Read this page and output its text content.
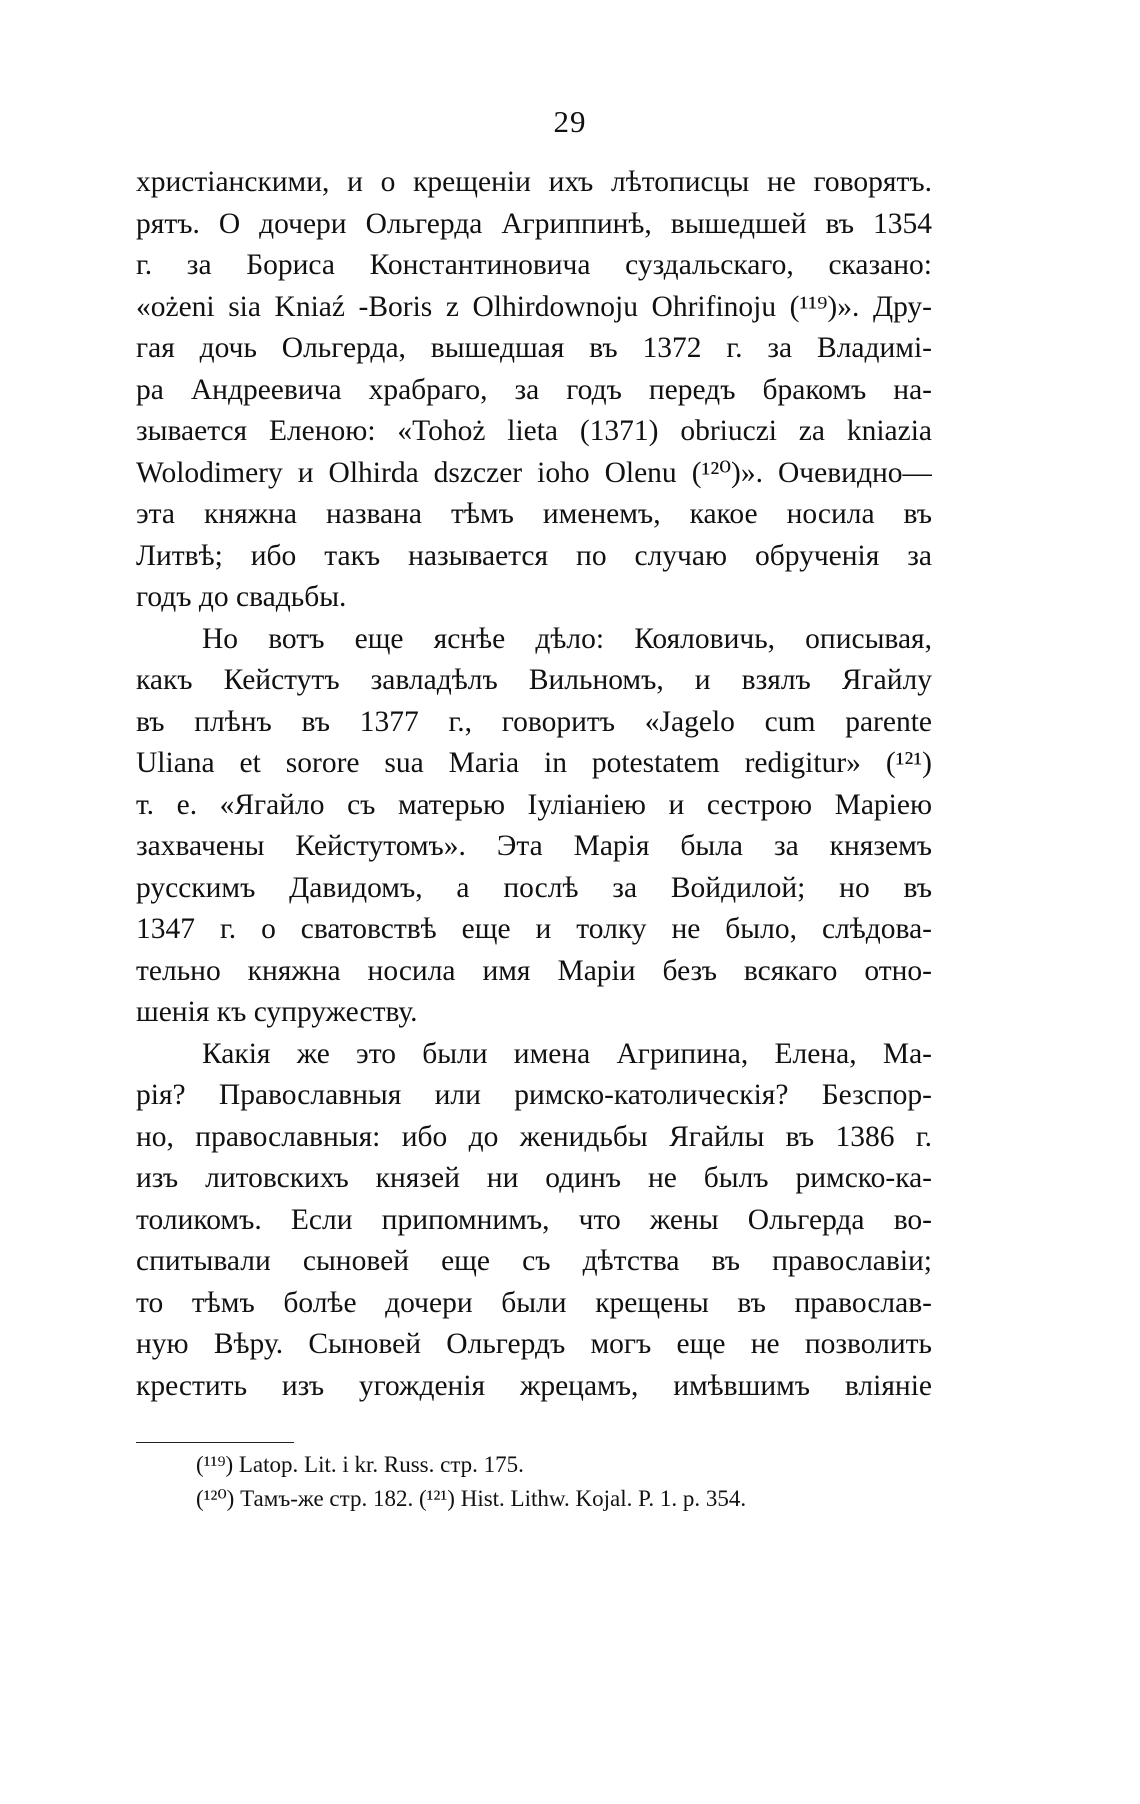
29
христіанскими, и о крещеніи ихъ лѣтописцы не говорятъ.
рятъ. О дочери Ольгерда Агриппинѣ, вышедшей въ 1354
г. за Бориса Константиновича суздальскаго, сказано:
«ożeni sia Kniaź -Boris z Olhirdownoju Ohrifinoju (¹¹⁹)». Дру-
гая дочь Ольгерда, вышедшая въ 1372 г. за Владимі-
ра Андреевича храбраго, за годъ передъ бракомъ на-
зывается Еленою: «Tohoż lieta (1371) obriuczi za kniazia
Wolodimery и Olhirda dszczer ioho Olenu (¹²⁰)». Очевидно—
эта княжна названа тѣмъ именемъ, какое носила въ
Литвѣ; ибо такъ называется по случаю обрученія за
годъ до свадьбы.
Но вотъ еще яснѣе дѣло: Кояловичь, описывая,
какъ Кейстутъ завладѣлъ Вильномъ, и взялъ Ягайлу
въ плѣнъ въ 1377 г., говоритъ «Jagelo cum parente
Uliana et sorore sua Maria in potestatem redigitur» (¹²¹)
т. е. «Ягайло съ матерью Іуліаніею и сестрою Маріею
захвачены Кейстутомъ». Эта Марія была за княземъ
русскимъ Давидомъ, а послѣ за Войдилой; но въ
1347 г. о сватовствѣ еще и толку не было, слѣдова-
тельно княжна носила имя Маріи безъ всякаго отно-
шенія къ супружеству.
Какія же это были имена Агрипина, Елена, Ма-
рія? Православныя или римско-католическія? Безспор-
но, православныя: ибо до женидьбы Ягайлы въ 1386 г.
изъ литовскихъ князей ни одинъ не былъ римско-ка-
толикомъ. Если припомнимъ, что жены Ольгерда во-
спитывали сыновей еще съ дѣтства въ православіи;
то тѣмъ болѣе дочери были крещены въ православ-
ную Вѣру. Сыновей Ольгердъ могъ еще не позволить
крестить изъ угожденія жрецамъ, имѣвшимъ вліяніе
(¹¹⁹) Latop. Lit. i kr. Russ. стр. 175.
(¹²⁰) Тамъ-же стр. 182. (¹²¹) Hist. Lithw. Kojal. P. 1. p. 354.
